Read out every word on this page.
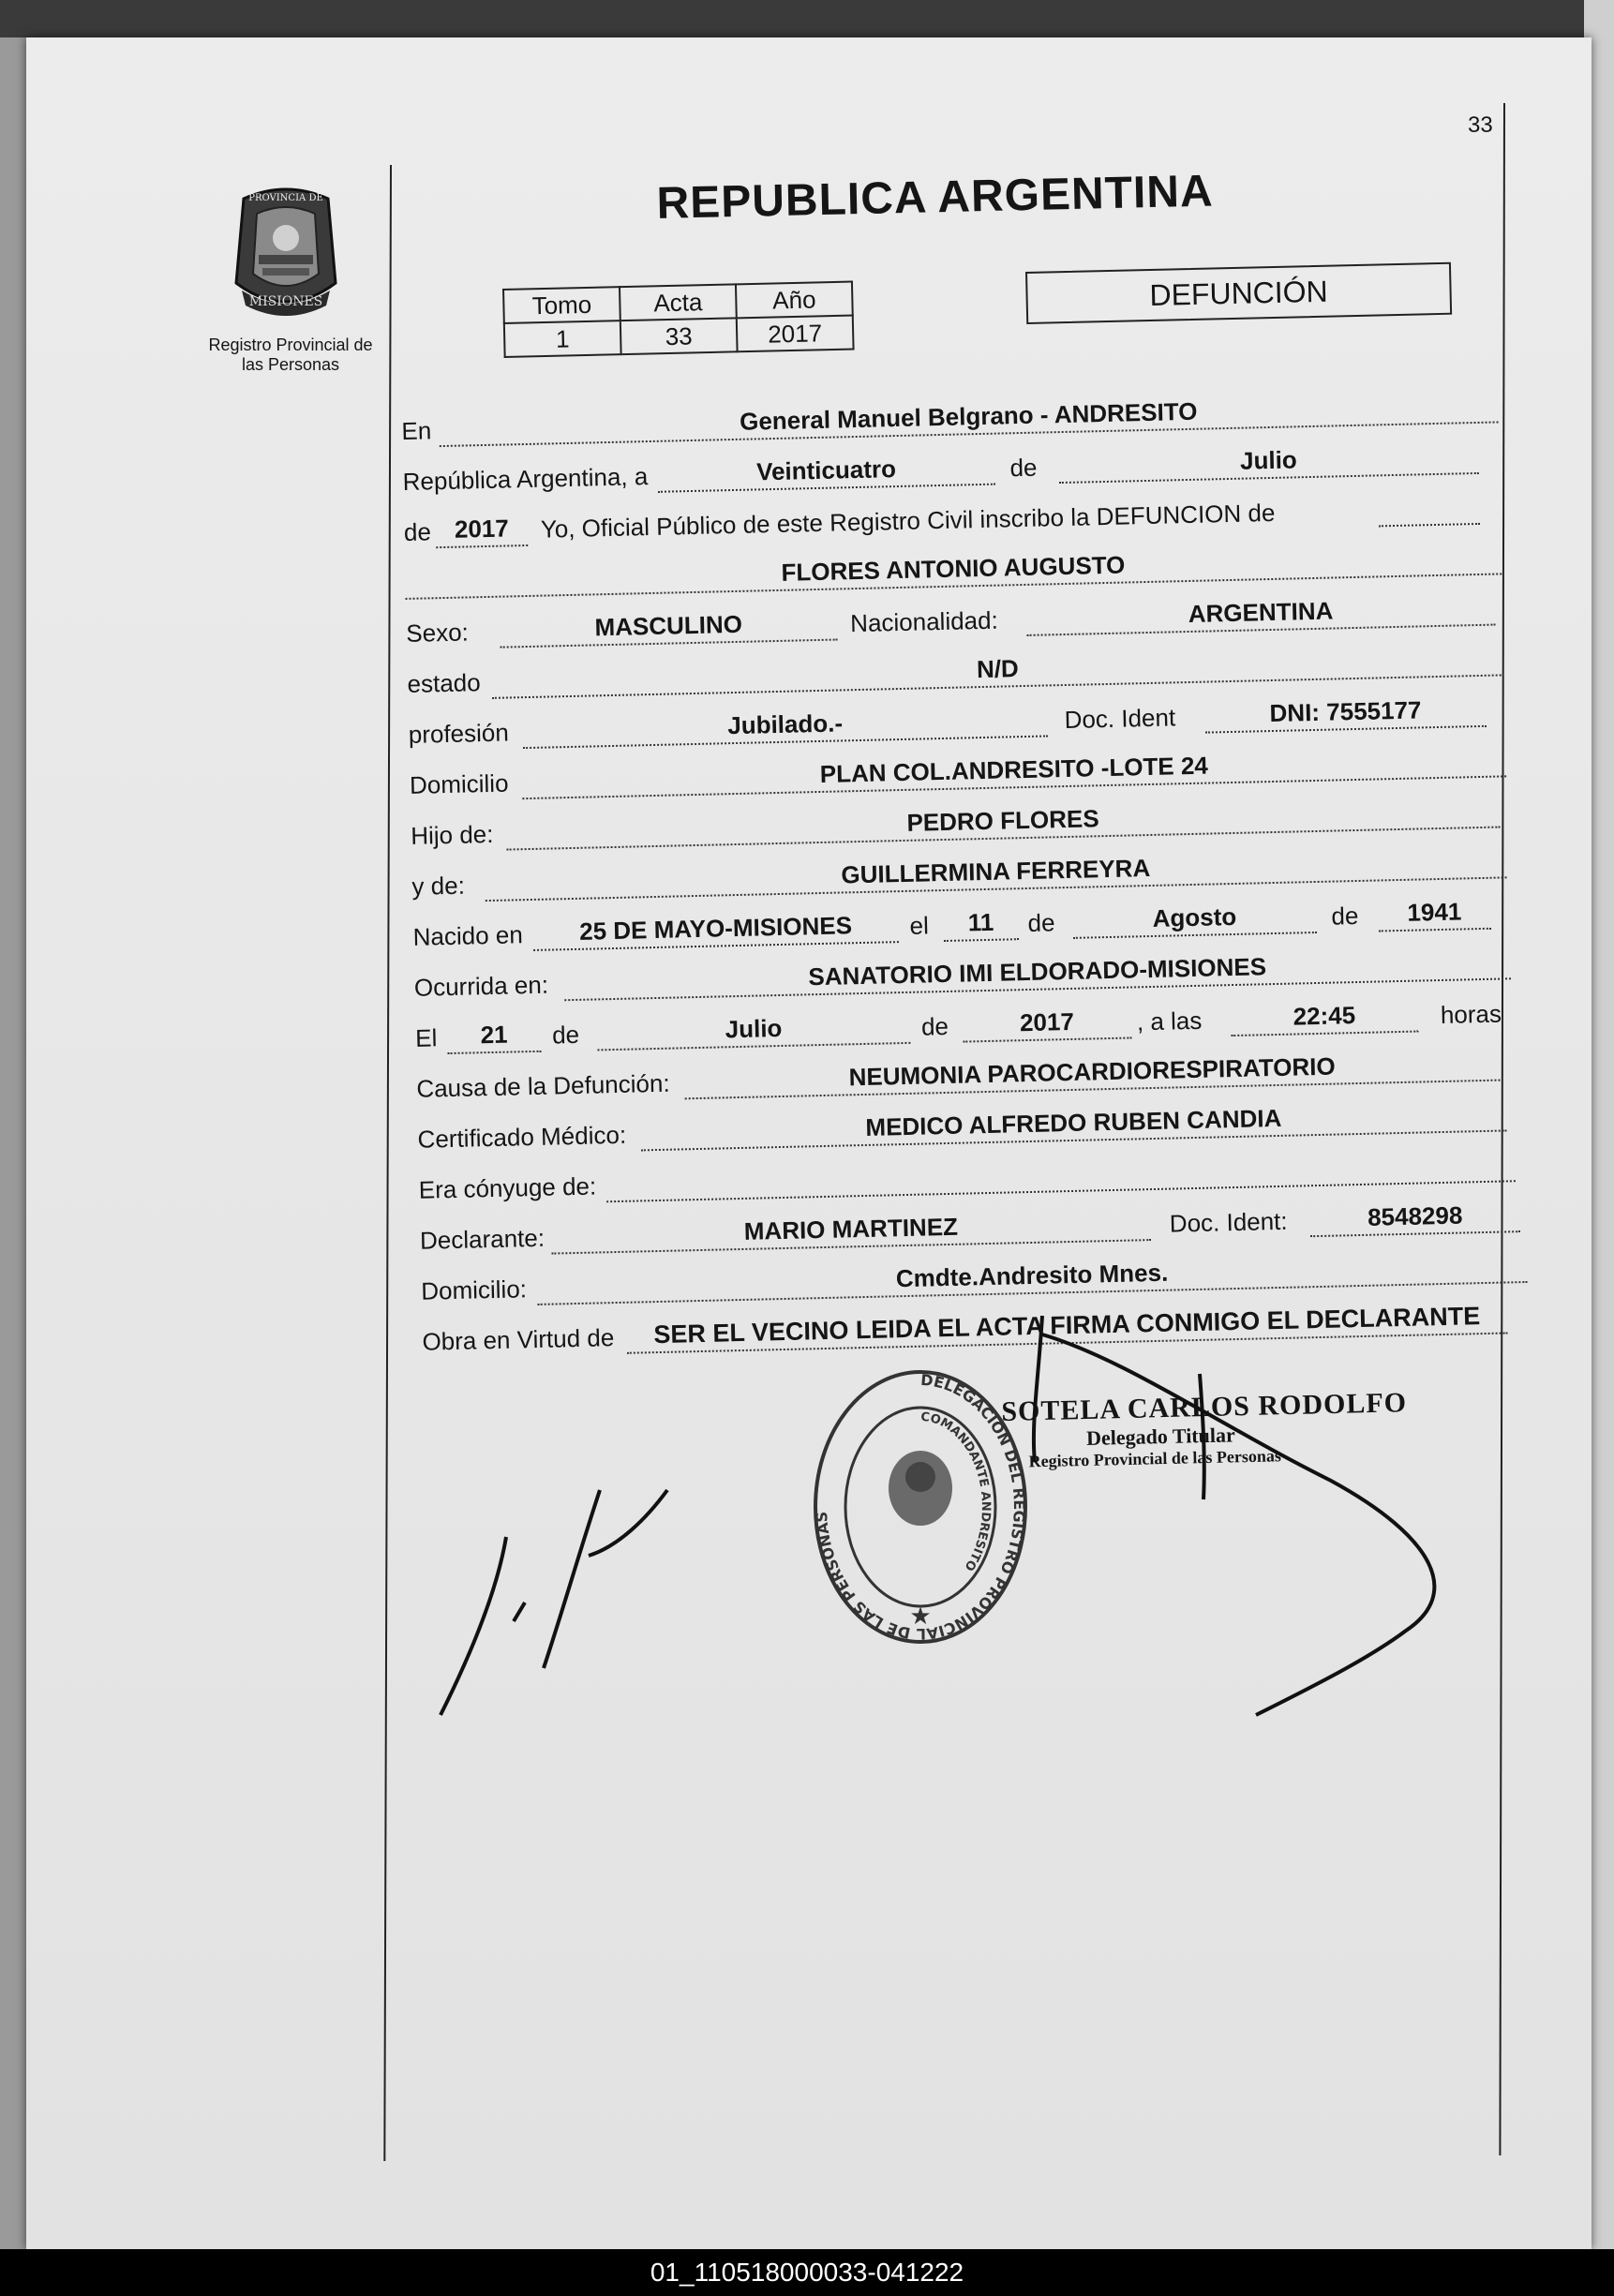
33
MISIONES
PROVINCIA DE
Registro Provincial de las Personas
REPUBLICA ARGENTINA
Tomo	Acta	Año
1	33	2017
DEFUNCIÓN
En	General Manuel Belgrano - ANDRESITO
República Argentina, a	Veinticuatro	de	Julio
de 2017	Yo, Oficial Público de este Registro Civil inscribo la DEFUNCION de
FLORES ANTONIO AUGUSTO
Sexo:	MASCULINO	Nacionalidad:	ARGENTINA
estado	N/D
profesión	Jubilado.-	Doc. Ident	DNI: 7555177
Domicilio	PLAN COL.ANDRESITO -LOTE 24
Hijo de:	PEDRO FLORES
y de:	GUILLERMINA FERREYRA
Nacido en	25 DE MAYO-MISIONES	el	11	de	Agosto	de	1941
Ocurrida en:	SANATORIO IMI ELDORADO-MISIONES
El	21	de	Julio	de	2017	, a las	22:45	horas
Causa de la Defunción:	NEUMONIA PAROCARDIORESPIRATORIO
Certificado Médico:	MEDICO ALFREDO RUBEN CANDIA
Era cónyuge de:
Declarante:	MARIO MARTINEZ	Doc. Ident:	8548298
Domicilio:	Cmdte.Andresito Mnes.
Obra en Virtud de	SER EL VECINO LEIDA EL ACTA FIRMA CONMIGO EL DECLARANTE
DELEGACION DEL REGISTRO PROVINCIAL DE LAS PERSONAS
COMANDANTE ANDRESITO
★
SOTELA CARLOS RODOLFO
Delegado Titular
Registro Provincial de las Personas
01_110518000033-041222
